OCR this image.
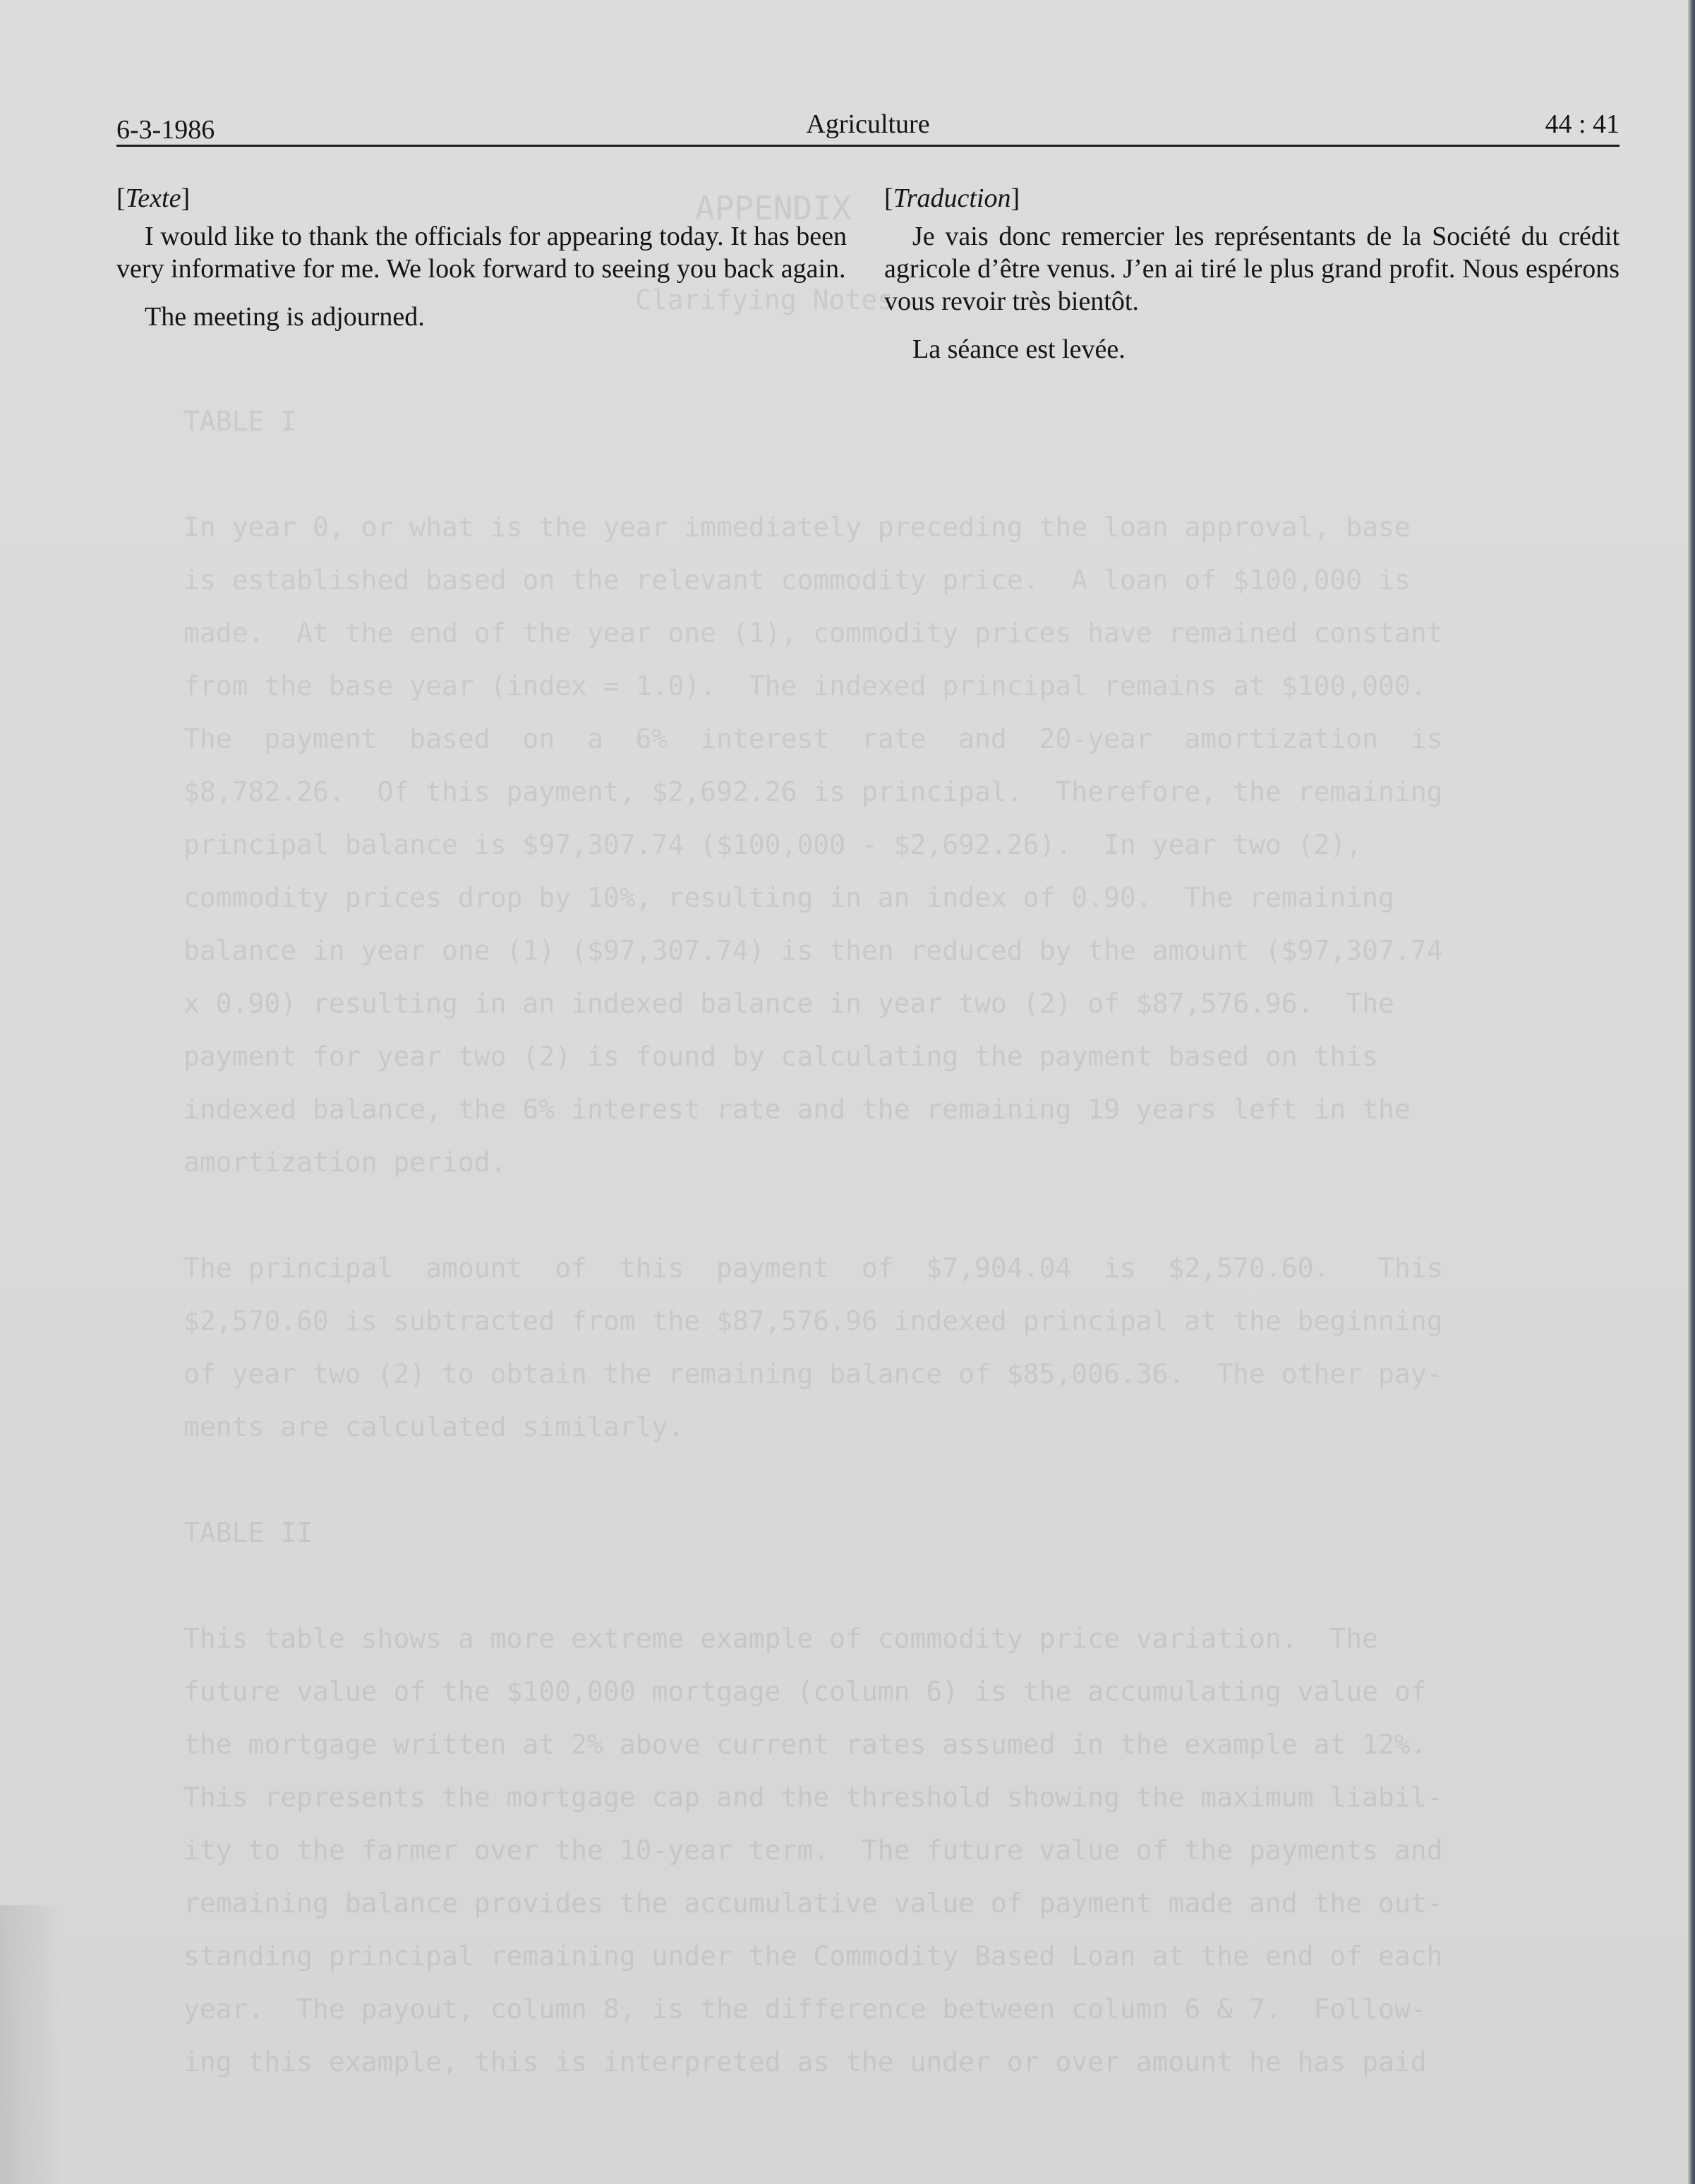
APPENDIX
Clarifying Notes
TABLE I

In year 0, or what is the year immediately preceding the loan approval, base
is established based on the relevant commodity price.  A loan of $100,000 is
made.  At the end of the year one (1), commodity prices have remained constant
from the base year (index = 1.0).  The indexed principal remains at $100,000.
The  payment  based  on  a  6%  interest  rate  and  20-year  amortization  is
$8,782.26.  Of this payment, $2,692.26 is principal.  Therefore, the remaining
principal balance is $97,307.74 ($100,000 - $2,692.26).  In year two (2),
commodity prices drop by 10%, resulting in an index of 0.90.  The remaining
balance in year one (1) ($97,307.74) is then reduced by the amount ($97,307.74
x 0.90) resulting in an indexed balance in year two (2) of $87,576.96.  The
payment for year two (2) is found by calculating the payment based on this
indexed balance, the 6% interest rate and the remaining 19 years left in the
amortization period.

The principal  amount  of  this  payment  of  $7,904.04  is  $2,570.60.   This
$2,570.60 is subtracted from the $87,576.96 indexed principal at the beginning
of year two (2) to obtain the remaining balance of $85,006.36.  The other pay-
ments are calculated similarly.

TABLE II

This table shows a more extreme example of commodity price variation.  The
future value of the $100,000 mortgage (column 6) is the accumulating value of
the mortgage written at 2% above current rates assumed in the example at 12%.
This represents the mortgage cap and the threshold showing the maximum liabil-
ity to the farmer over the 10-year term.  The future value of the payments and
remaining balance provides the accumulative value of payment made and the out-
standing principal remaining under the Commodity Based Loan at the end of each
year.  The payout, column 8, is the difference between column 6 & 7.  Follow-
ing this example, this is interpreted as the under or over amount he has paid
6-3-1986	Agriculture	44 : 41
[Texte]

I would like to thank the officials for appearing today. It has been very informative for me. We look forward to seeing you back again.

The meeting is adjourned.

[Traduction]

Je vais donc remercier les représentants de la Société du crédit agricole d’être venus. J’en ai tiré le plus grand profit. Nous espérons vous revoir très bientôt.

La séance est levée.
